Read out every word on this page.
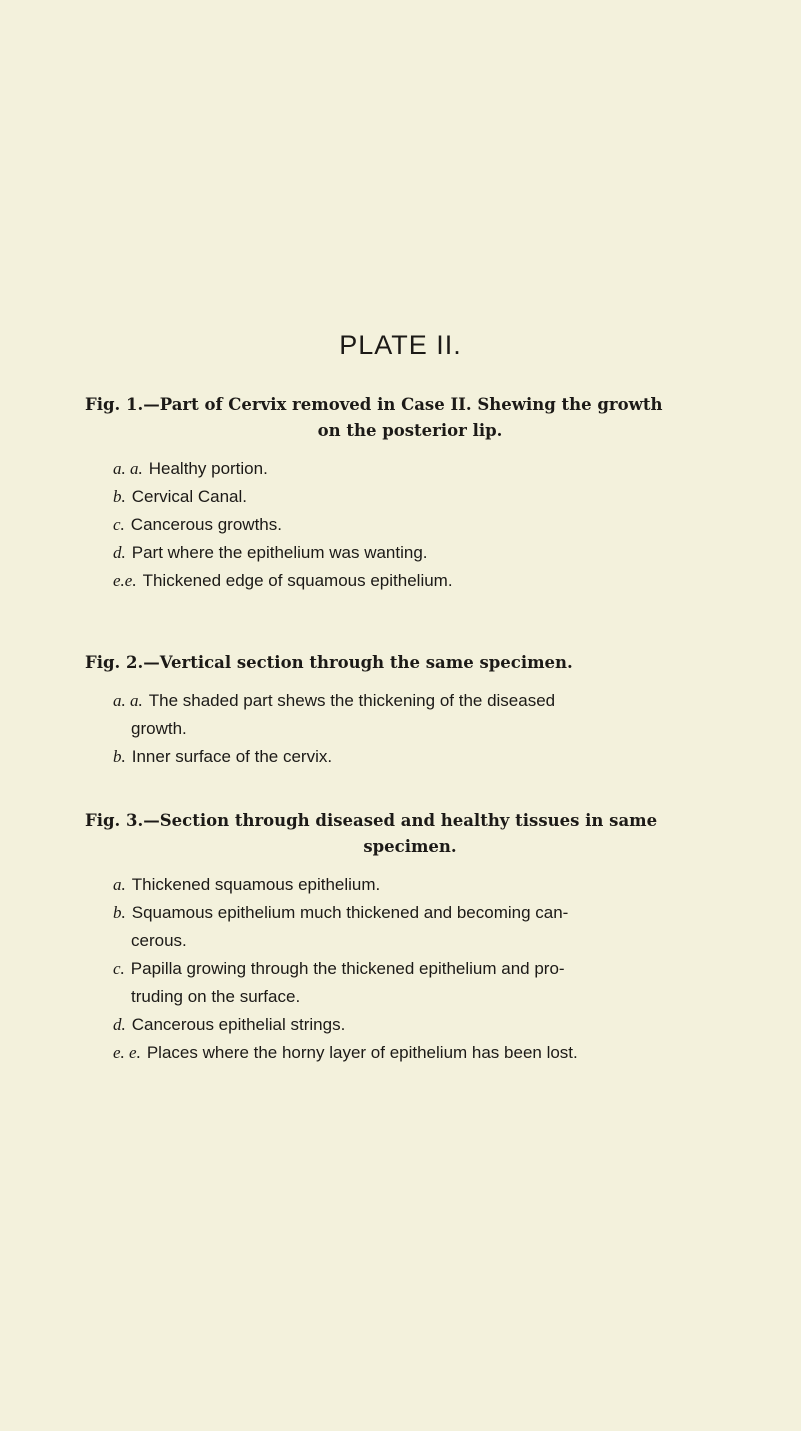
PLATE II.
Fig. 1.—Part of Cervix removed in Case II. Shewing the growth
on the posterior lip.
a. a. Healthy portion.
b. Cervical Canal.
c. Cancerous growths.
d. Part where the epithelium was wanting.
e.e. Thickened edge of squamous epithelium.
Fig. 2.—Vertical section through the same specimen.
a. a. The shaded part shews the thickening of the diseased
growth.
b. Inner surface of the cervix.
Fig. 3.—Section through diseased and healthy tissues in same
specimen.
a. Thickened squamous epithelium.
b. Squamous epithelium much thickened and becoming can-
cerous.
c. Papilla growing through the thickened epithelium and pro-
truding on the surface.
d. Cancerous epithelial strings.
e. e. Places where the horny layer of epithelium has been lost.
